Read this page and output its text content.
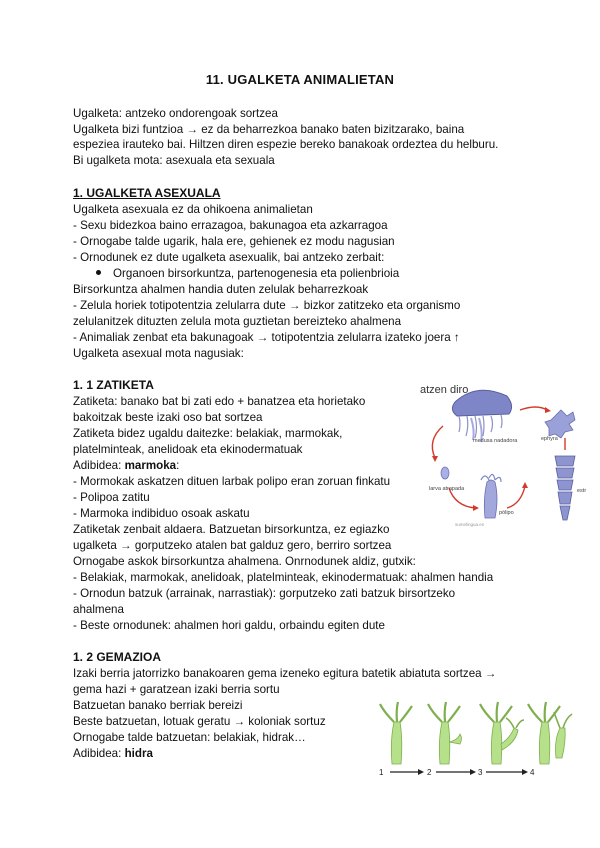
11. UGALKETA ANIMALIETAN
Ugalketa: antzeko ondorengoak sortzea
Ugalketa bizi funtzioa → ez da beharrezkoa banako baten bizitzarako, baina
espeziea irauteko bai. Hiltzen diren espezie bereko banakoak ordeztea du helburu.
Bi ugalketa mota: asexuala eta sexuala
1. UGALKETA ASEXUALA
Ugalketa asexuala ez da ohikoena animalietan
- Sexu bidezkoa baino errazagoa, bakunagoa eta azkarragoa
- Ornogabe talde ugarik, hala ere, gehienek ez modu nagusian
- Ornodunek ez dute ugalketa asexualik, bai antzeko zerbait:
Organoen birsorkuntza, partenogenesia eta polienbrioia
Birsorkuntza ahalmen handia duten zelulak beharrezkoak
- Zelula horiek totipotentzia zelularra dute → bizkor zatitzeko eta organismo
zelulanitzek dituzten zelula mota guztietan bereizteko ahalmena
- Animaliak zenbat eta bakunagoak → totipotentzia zelularra izateko joera ↑
Ugalketa asexual mota nagusiak:
1. 1 ZATIKETA
Zatiketa: banako bat bi zati edo + banatzea eta horietako
bakoitzak beste izaki oso bat sortzea
Zatiketa bidez ugaldu daitezke: belakiak, marmokak,
platelminteak, anelidoak eta ekinodermatuak
Adibidea: marmoka:
- Mormokak askatzen dituen larbak polipo eran zoruan finkatu
- Polipoa zatitu
- Marmoka indibiduo osoak askatu
Zatiketak zenbait aldaera. Batzuetan birsorkuntza, ez egiazko
ugalketa → gorputzeko atalen bat galduz gero, berriro sortzea
Ornogabe askok birsorkuntza ahalmena. Onrnodunek aldiz, gutxik:
- Belakiak, marmokak, anelidoak, platelminteak, ekinodermatuak: ahalmen handia
- Ornodun batzuk (arrainak, narrastiak): gorputzeko zati batzuk birsortzeko
ahalmena
- Beste ornodunek: ahalmen hori galdu, orbaindu egiten dute
atzen diro
medusa nadadora	ephyra
larva atrapada
pólipo
estr
sumelingua.es
1. 2 GEMAZIOA
Izaki berria jatorrizko banakoaren gema izeneko egitura batetik abiatuta sortzea →
gema hazi + garatzean izaki berria sortu
Batzuetan banako berriak bereizi
Beste batzuetan, lotuak geratu → koloniak sortuz
Ornogabe talde batzuetan: belakiak, hidrak…
Adibidea: hidra
1	2	3	4
